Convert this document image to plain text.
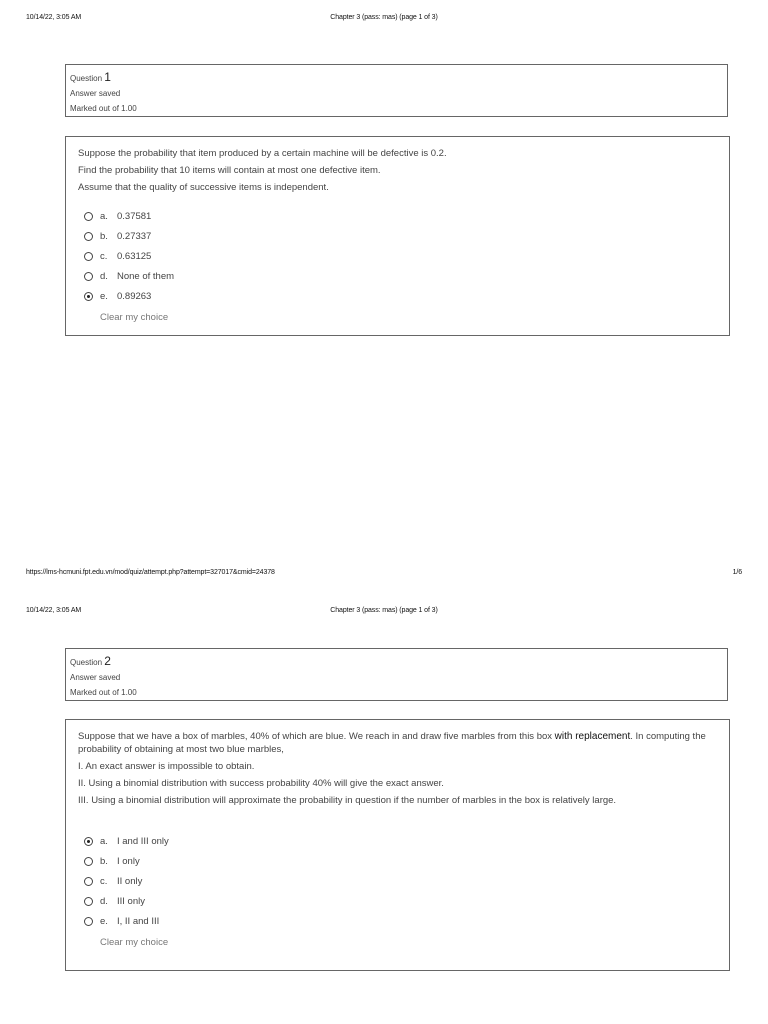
10/14/22, 3:05 AM	Chapter 3 (pass: mas) (page 1 of 3)
Question 1
Answer saved
Marked out of 1.00

Suppose the probability that item produced by a certain machine will be defective is 0.2.

Find the probability that 10 items will contain at most one defective item.

Assume that the quality of successive items is independent.

a. 0.37581
b. 0.27337
c.	0.63125
d. None of them
e. 0.89263
Clear my choice
https://lms-hcmuni.fpt.edu.vn/mod/quiz/attempt.php?attempt=327017&cmid=24378	1/6
10/14/22, 3:05 AM	Chapter 3 (pass: mas) (page 1 of 3)
Question 2
Answer saved
Marked out of 1.00

Suppose that we have a box of marbles, 40% of which are blue. We reach in and draw five marbles from this box with replacement. In computing the probability of obtaining at most two blue marbles,

I. An exact answer is impossible to obtain.

II. Using a binomial distribution with success probability 40% will give the exact answer.

III. Using a binomial distribution will approximate the probability in question if the number of marbles in the box is relatively large.

a. I and III only
b. I only
c.	II only
d. III only
e. I, II and III
Clear my choice
